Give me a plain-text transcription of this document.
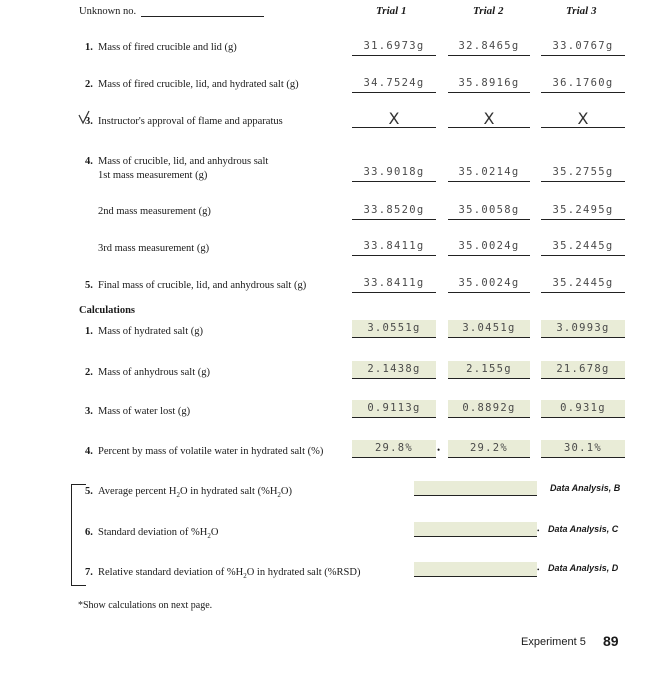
Unknown no.	Trial 1	Trial 2	Trial 3
1. Mass of fired crucible and lid (g)	31.6973g	32.8465g	33.0767g
2. Mass of fired crucible, lid, and hydrated salt (g)	34.7524g	35.8916g	36.1760g
3. Instructor's approval of flame and apparatus	X	X	X
4. Mass of crucible, lid, and anhydrous salt
1st mass measurement (g)	33.9018g	35.0214g	35.2755g
2nd mass measurement (g)	33.8520g	35.0058g	35.2495g
3rd mass measurement (g)	33.8411g	35.0024g	35.2445g
5. Final mass of crucible, lid, and anhydrous salt (g)	33.8411g	35.0024g	35.2445g
Calculations
1. Mass of hydrated salt (g)	3.0551g	3.0451g	3.0993g
2. Mass of anhydrous salt (g)	2.1438g	2.155g	21.678g
3. Mass of water lost (g)	0.9113g	0.8892g	0.931g
4. Percent by mass of volatile water in hydrated salt (%)	29.8%	29.2%	30.1%
•
5. Average percent $H_2O$ in hydrated salt $(\%H_2O)$	Data Analysis, B
6. Standard deviation of $\%H_2O$	• Data Analysis, C
7. Relative standard deviation of $\%H_2O$ in hydrated salt (%RSD)	• Data Analysis, D
*Show calculations on next page.
Experiment 5 89
